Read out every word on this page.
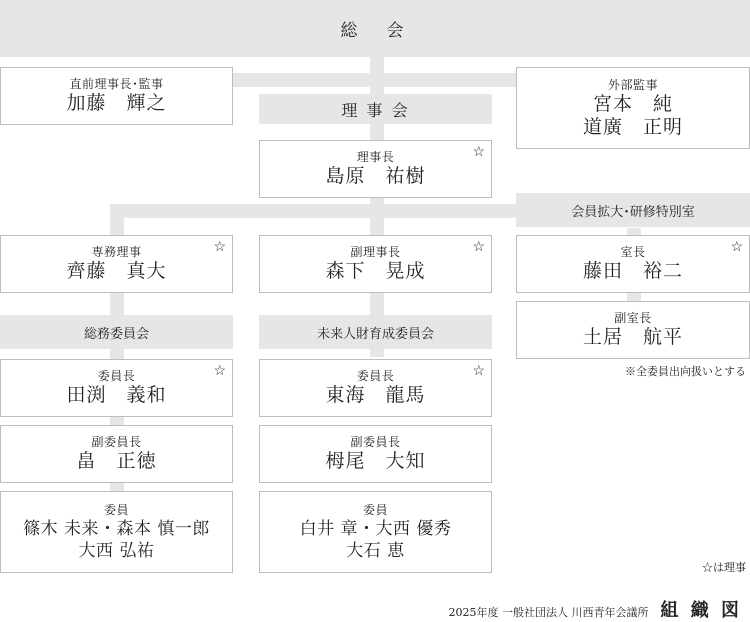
総　会
理 事 会
直前理事長･監事
加藤　輝之
外部監事
宮本　純
道廣　正明
☆
理事長
島原　祐樹
会員拡大･研修特別室
☆
専務理事
齊藤　真大
☆
副理事長
森下　晃成
☆
室長
藤田　裕二
副室長
土居　航平
※全委員出向扱いとする
総務委員会	未来人財育成委員会
☆
委員長
田渕　義和
☆
委員長
東海　龍馬
副委員長
畠　正徳
副委員長
栂尾　大知
委員
篠木 未来・森本 慎一郎
大西 弘祐
委員
白井 章・大西 優秀
大石 恵
☆は理事
2025年度 一般社団法人 川西青年会議所 組 織 図
